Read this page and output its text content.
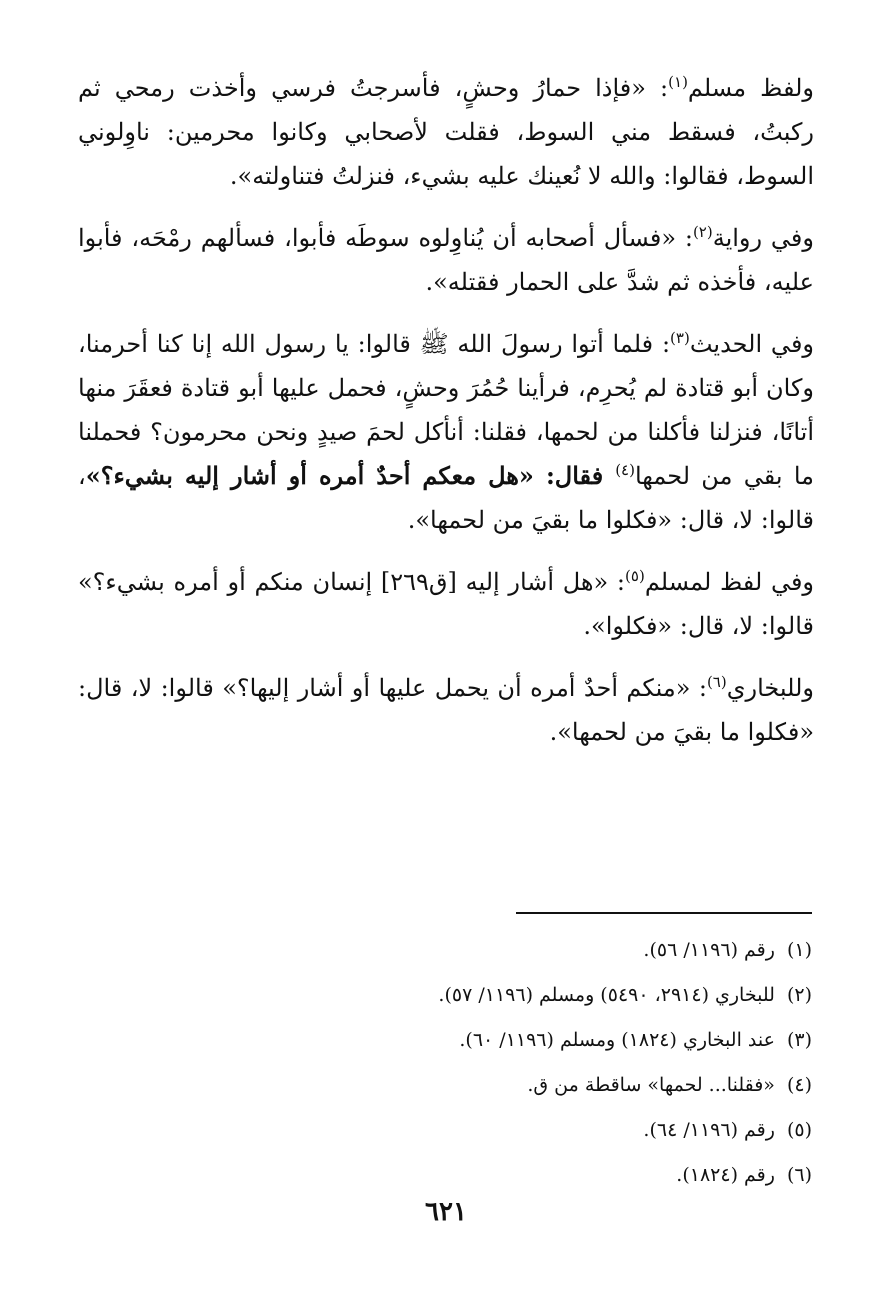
ولفظ مسلم$^{(١)}$: «فإذا حمارُ وحشٍ، فأسرجتُ فرسي وأخذت رمحي ثم ركبتُ، فسقط مني السوط، فقلت لأصحابي وكانوا محرمين: ناوِلوني السوط، فقالوا: والله لا نُعينك عليه بشيء، فنزلتُ فتناولته».

وفي رواية$^{(٢)}$: «فسأل أصحابه أن يُناوِلوه سوطَه فأبوا، فسألهم رمْحَه، فأبوا عليه، فأخذه ثم شدَّ على الحمار فقتله».

وفي الحديث$^{(٣)}$: فلما أتوا رسولَ الله ﷺ قالوا: يا رسول الله إنا كنا أحرمنا، وكان أبو قتادة لم يُحرِم، فرأينا حُمُرَ وحشٍ، فحمل عليها أبو قتادة فعقَرَ منها أتانًا، فنزلنا فأكلنا من لحمها، فقلنا: أنأكل لحمَ صيدٍ ونحن محرمون؟ فحملنا ما بقي من لحمها$^{(٤)}$ فقال: «هل معكم أحدٌ أمره أو أشار إليه بشيء؟»، قالوا: لا، قال: «فكلوا ما بقيَ من لحمها».

وفي لفظ لمسلم$^{(٥)}$: «هل أشار إليه [ق٢٦٩] إنسان منكم أو أمره بشيء؟» قالوا: لا، قال: «فكلوا».

وللبخاري$^{(٦)}$: «منكم أحدٌ أمره أن يحمل عليها أو أشار إليها؟» قالوا: لا، قال: «فكلوا ما بقيَ من لحمها».

(١)رقم (١١٩٦/ ٥٦).
(٢)للبخاري (٢٩١٤، ٥٤٩٠) ومسلم (١١٩٦/ ٥٧).
(٣)عند البخاري (١٨٢٤) ومسلم (١١٩٦/ ٦٠).
(٤)«فقلنا... لحمها» ساقطة من ق.
(٥)رقم (١١٩٦/ ٦٤).
(٦)رقم (١٨٢٤).
٦٢١
